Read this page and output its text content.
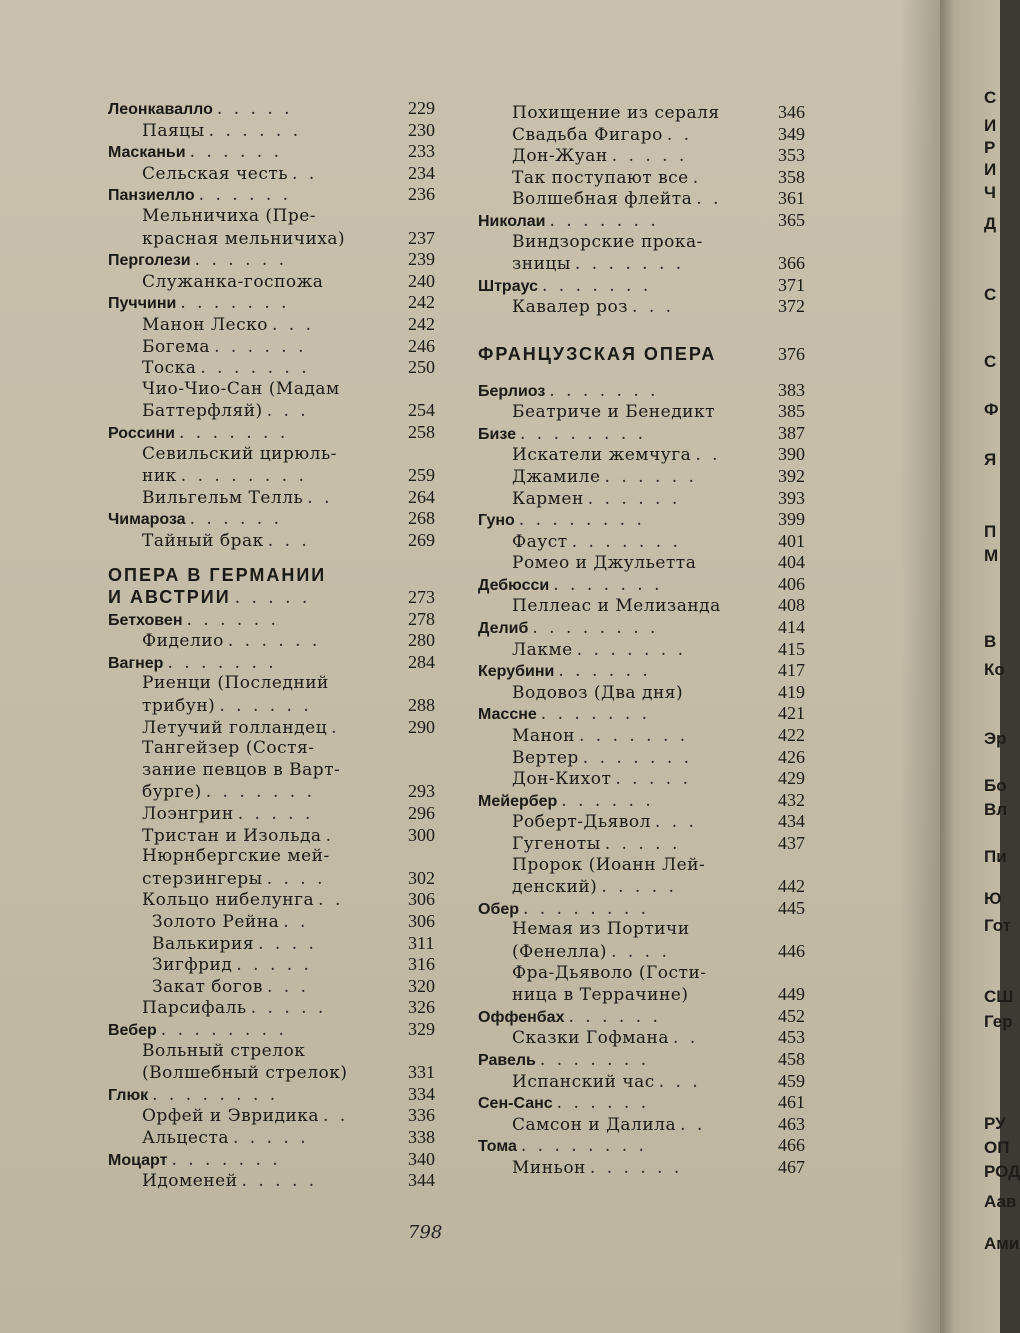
Леонкавалло . . . . .	229
Паяцы . . . . . .	230
Масканьи . . . . . .	233
Сельская честь . .	234
Панзиелло . . . . . .	236
Мельничиха (Пре-
красная мельничиха)	237
Перголези . . . . . .	239
Служанка-госпожа	240
Пуччини . . . . . . .	242
Манон Леско . . .	242
Богема . . . . . .	246
Тоска . . . . . . .	250
Чио-Чио-Сан (Мадам
Баттерфляй) . . .	254
Россини . . . . . . .	258
Севильский цирюль-
ник . . . . . . . .	259
Вильгельм Телль . .	264
Чимароза . . . . . .	268
Тайный брак . . .	269
ОПЕРА В ГЕРМАНИИ
И АВСТРИИ . . . . .	273
Бетховен . . . . . .	278
Фиделио . . . . . .	280
Вагнер . . . . . . .	284
Риенци (Последний
трибун) . . . . . .	288
Летучий голландец .	290
Тангейзер (Состя-
зание певцов в Варт-
бурге) . . . . . . .	293
Лоэнгрин . . . . .	296
Тристан и Изольда .	300
Нюрнбергские мей-
стерзингеры . . . .	302
Кольцо нибелунга . .	306
Золото Рейна . .	306
Валькирия . . . .	311
Зигфрид . . . . .	316
Закат богов . . .	320
Парсифаль . . . . .	326
Вебер . . . . . . . .	329
Вольный стрелок
(Волшебный стрелок)	331
Глюк . . . . . . . .	334
Орфей и Эвридика . .	336
Альцеста . . . . .	338
Моцарт . . . . . . .	340
Идоменей . . . . .	344
Похищение из сераля	346
Свадьба Фигаро . .	349
Дон-Жуан . . . . .	353
Так поступают все .	358
Волшебная флейта . .	361
Николаи . . . . . . .	365
Виндзорские прока-
зницы . . . . . . .	366
Штраус . . . . . . .	371
Кавалер роз . . .	372
ФРАНЦУЗСКАЯ ОПЕРА	376
Берлиоз . . . . . . .	383
Беатриче и Бенедикт	385
Бизе . . . . . . . .	387
Искатели жемчуга . .	390
Джамиле . . . . . .	392
Кармен . . . . . .	393
Гуно . . . . . . . .	399
Фауст . . . . . . .	401
Ромео и Джульетта	404
Дебюсси . . . . . . .	406
Пеллеас и Мелизанда	408
Делиб . . . . . . . .	414
Лакме . . . . . . .	415
Керубини . . . . . .	417
Водовоз (Два дня)	419
Массне . . . . . . .	421
Манон . . . . . . .	422
Вертер . . . . . . .	426
Дон-Кихот . . . . .	429
Мейербер . . . . . .	432
Роберт-Дьявол . . .	434
Гугеноты . . . . .	437
Пророк (Иоанн Лей-
денский) . . . . .	442
Обер . . . . . . . .	445
Немая из Портичи
(Фенелла) . . . .	446
Фра-Дьяволо (Гости-
ница в Террачине)	449
Оффенбах . . . . . .	452
Сказки Гофмана . .	453
Равель . . . . . . .	458
Испанский час . . .	459
Сен-Санс . . . . . .	461
Самсон и Далила . .	463
Тома . . . . . . . .	466
Миньон . . . . . .	467
798
С
И
Р
И
Ч
Д
С
С
Ф
Я
П
М
В
Ко
Эр
Бо
Вл
Пи
Ю
Гот
СШ
Гер
РУ
ОП
РОД
Аав
Ами
